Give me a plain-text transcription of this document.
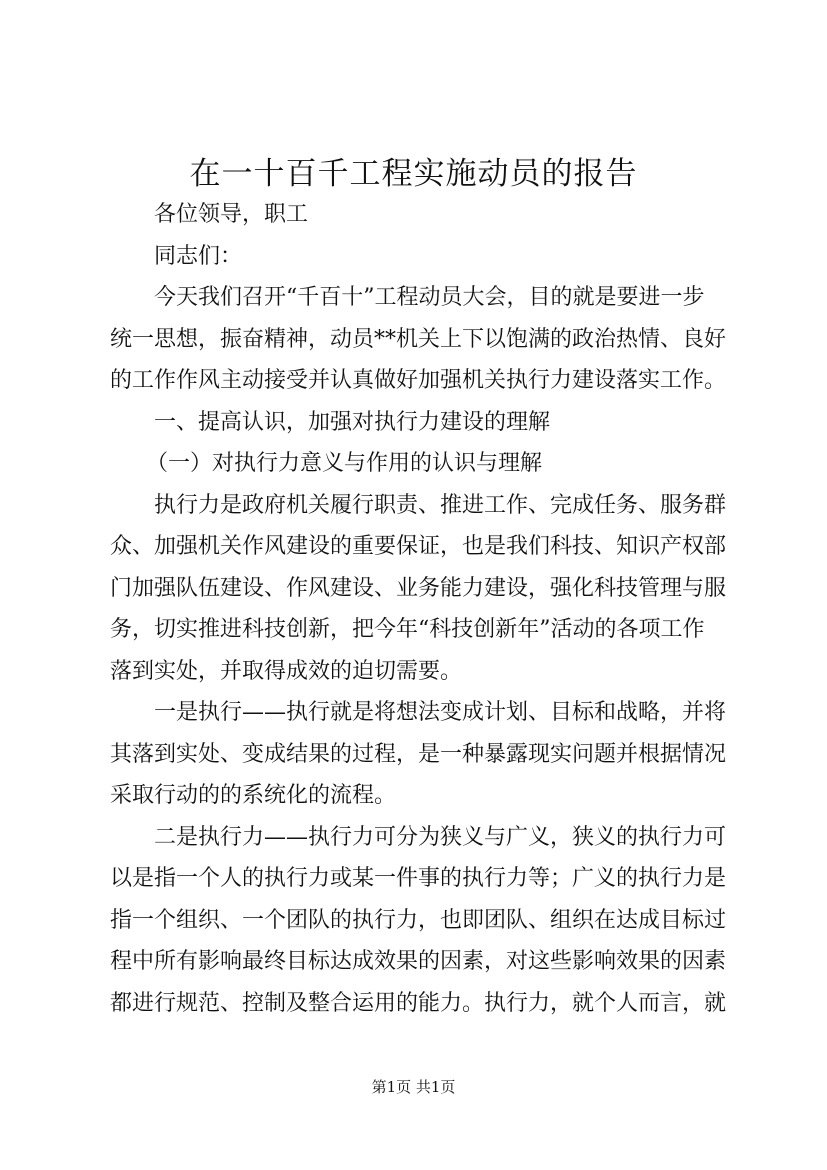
在一十百千工程实施动员的报告
各位领导，职工
同志们：
今天我们召开“千百十”工程动员大会，目的就是要进一步
统一思想，振奋精神，动员**机关上下以饱满的政治热情、良好
的工作作风主动接受并认真做好加强机关执行力建设落实工作。
一、提高认识，加强对执行力建设的理解
（一）对执行力意义与作用的认识与理解
执行力是政府机关履行职责、推进工作、完成任务、服务群
众、加强机关作风建设的重要保证，也是我们科技、知识产权部
门加强队伍建设、作风建设、业务能力建设，强化科技管理与服
务，切实推进科技创新，把今年“科技创新年”活动的各项工作
落到实处，并取得成效的迫切需要。
一是执行——执行就是将想法变成计划、目标和战略，并将
其落到实处、变成结果的过程，是一种暴露现实问题并根据情况
采取行动的的系统化的流程。
二是执行力——执行力可分为狭义与广义，狭义的执行力可
以是指一个人的执行力或某一件事的执行力等；广义的执行力是
指一个组织、一个团队的执行力，也即团队、组织在达成目标过
程中所有影响最终目标达成效果的因素，对这些影响效果的因素
都进行规范、控制及整合运用的能力。执行力，就个人而言，就
第1页 共1页
